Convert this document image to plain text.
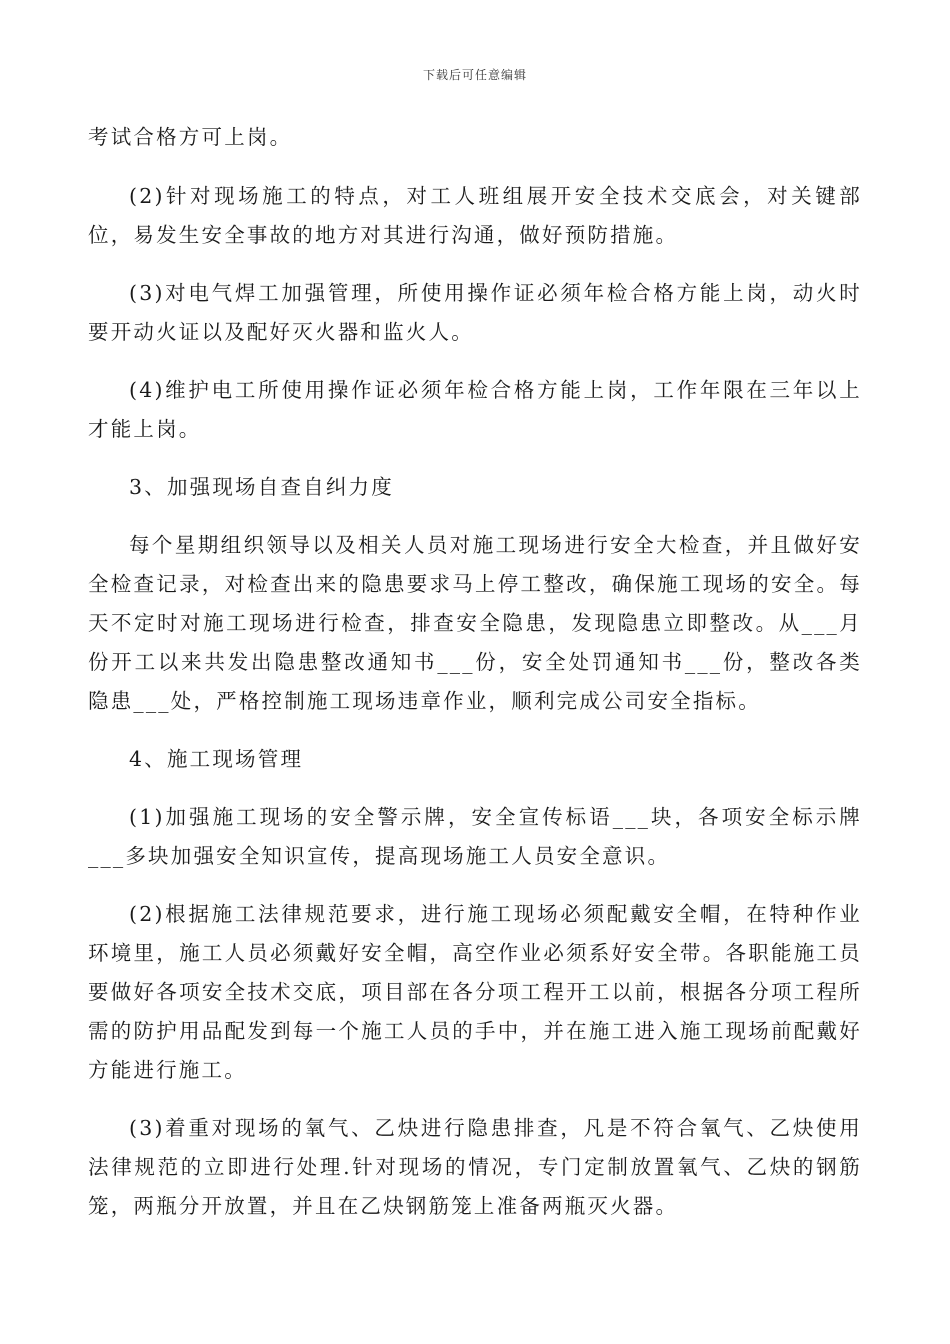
下载后可任意编辑

考试合格方可上岗。

(2)针对现场施工的特点，对工人班组展开安全技术交底会，对关键部位，易发生安全事故的地方对其进行沟通，做好预防措施。

(3)对电气焊工加强管理，所使用操作证必须年检合格方能上岗，动火时要开动火证以及配好灭火器和监火人。

(4)维护电工所使用操作证必须年检合格方能上岗，工作年限在三年以上才能上岗。

3、加强现场自查自纠力度

每个星期组织领导以及相关人员对施工现场进行安全大检查，并且做好安全检查记录，对检查出来的隐患要求马上停工整改，确保施工现场的安全。每天不定时对施工现场进行检查，排查安全隐患，发现隐患立即整改。从___月份开工以来共发出隐患整改通知书___份，安全处罚通知书___份，整改各类隐患___处，严格控制施工现场违章作业，顺利完成公司安全指标。

4、施工现场管理

(1)加强施工现场的安全警示牌，安全宣传标语___块，各项安全标示牌___多块加强安全知识宣传，提高现场施工人员安全意识。

(2)根据施工法律规范要求，进行施工现场必须配戴安全帽，在特种作业环境里，施工人员必须戴好安全帽，高空作业必须系好安全带。各职能施工员要做好各项安全技术交底，项目部在各分项工程开工以前，根据各分项工程所需的防护用品配发到每一个施工人员的手中，并在施工进入施工现场前配戴好方能进行施工。

(3)着重对现场的氧气、乙炔进行隐患排查，凡是不符合氧气、乙炔使用法律规范的立即进行处理.针对现场的情况，专门定制放置氧气、乙炔的钢筋笼，两瓶分开放置，并且在乙炔钢筋笼上准备两瓶灭火器。
